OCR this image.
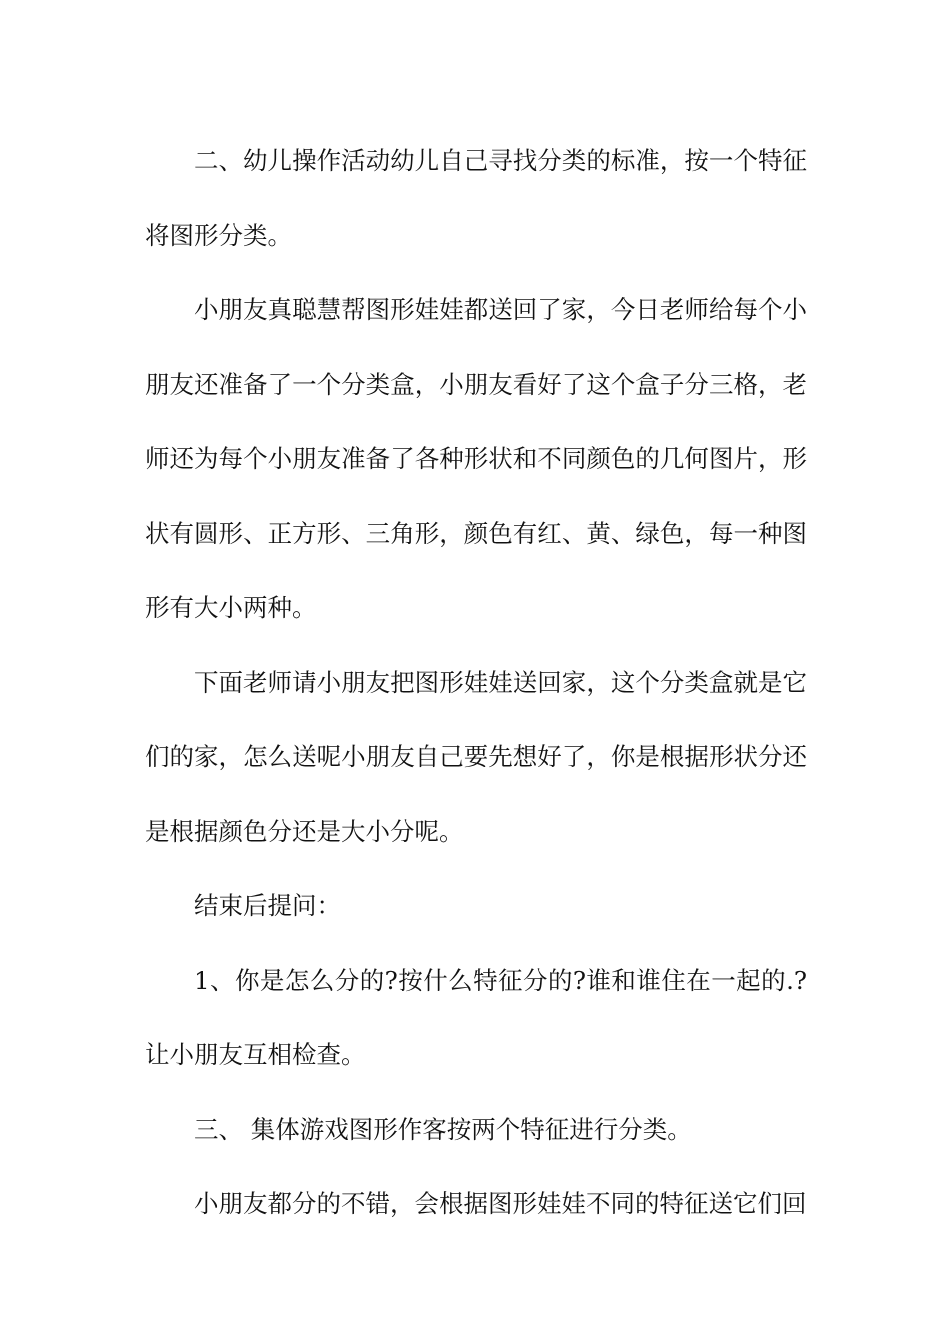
二、幼儿操作活动幼儿自己寻找分类的标准，按一个特征将图形分类。

小朋友真聪慧帮图形娃娃都送回了家，今日老师给每个小朋友还准备了一个分类盒，小朋友看好了这个盒子分三格，老师还为每个小朋友准备了各种形状和不同颜色的几何图片，形状有圆形、正方形、三角形，颜色有红、黄、绿色，每一种图形有大小两种。

下面老师请小朋友把图形娃娃送回家，这个分类盒就是它们的家，怎么送呢小朋友自己要先想好了，你是根据形状分还是根据颜色分还是大小分呢。

结束后提问：

1、你是怎么分的?按什么特征分的?谁和谁住在一起的.?让小朋友互相检查。

三、 集体游戏图形作客按两个特征进行分类。

小朋友都分的不错，会根据图形娃娃不同的特征送它们回
